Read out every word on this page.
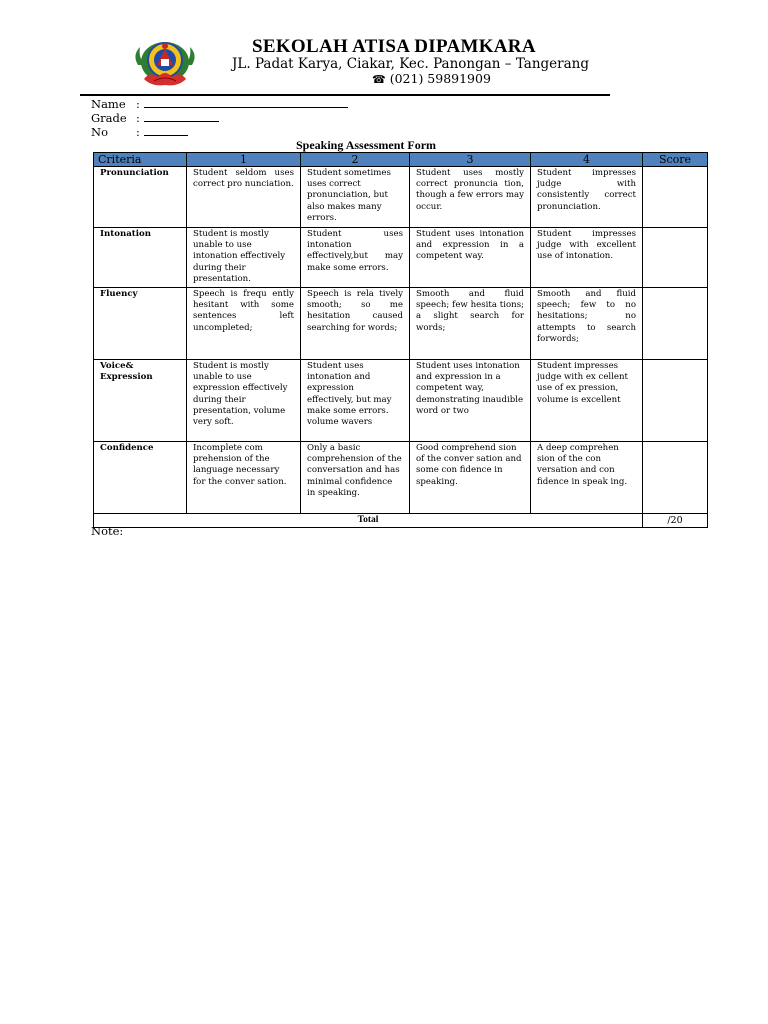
SEKOLAH ATISA DIPAMKARA
JL. Padat Karya, Ciakar, Kec. Panongan – Tangerang
☎ (021) 59891909
Name :
Grade :
No :
Speaking Assessment Form
Criteria	1	2	3	4	Score
Pronunciation	Student seldom uses correct pro nunciation.	Student sometimes uses correct pronunciation, but also makes many errors.	Student uses mostly correct pronuncia tion, though a few errors may occur.	Student impresses judge with consistently correct pronunciation.	
Intonation	Student is mostly unable to use intonation effectively during their presentation.	Student uses intonation effectively,but may make some errors.	Student uses intonation and expression in a competent way.	Student impresses judge with excellent use of intonation.	
Fluency	Speech is frequ ently hesitant with some sentences left uncompleted;	Speech is rela tively smooth; so me hesitation caused searching for words;	Smooth and fluid speech; few hesita tions; a slight search for words;	Smooth and fluid speech; few to no hesitations; no attempts to search forwords;	
Voice& Expression	Student is mostly unable to use expression effectively during their presentation, volume very soft.	Student uses intonation and expression effectively, but may make some errors. volume wavers	Student uses intonation and expression in a competent way, demonstrating inaudible word or two	Student impresses judge with ex cellent use of ex pression, volume is excellent	
Confidence	Incomplete com prehension of the language necessary for the conver sation.	Only a basic comprehension of the conversation and has minimal confidence in speaking.	Good comprehend sion of the conver sation and some con fidence in speaking.	A deep comprehen sion of the con versation and con fidence in speak ing.	
Total					/20
Note:
